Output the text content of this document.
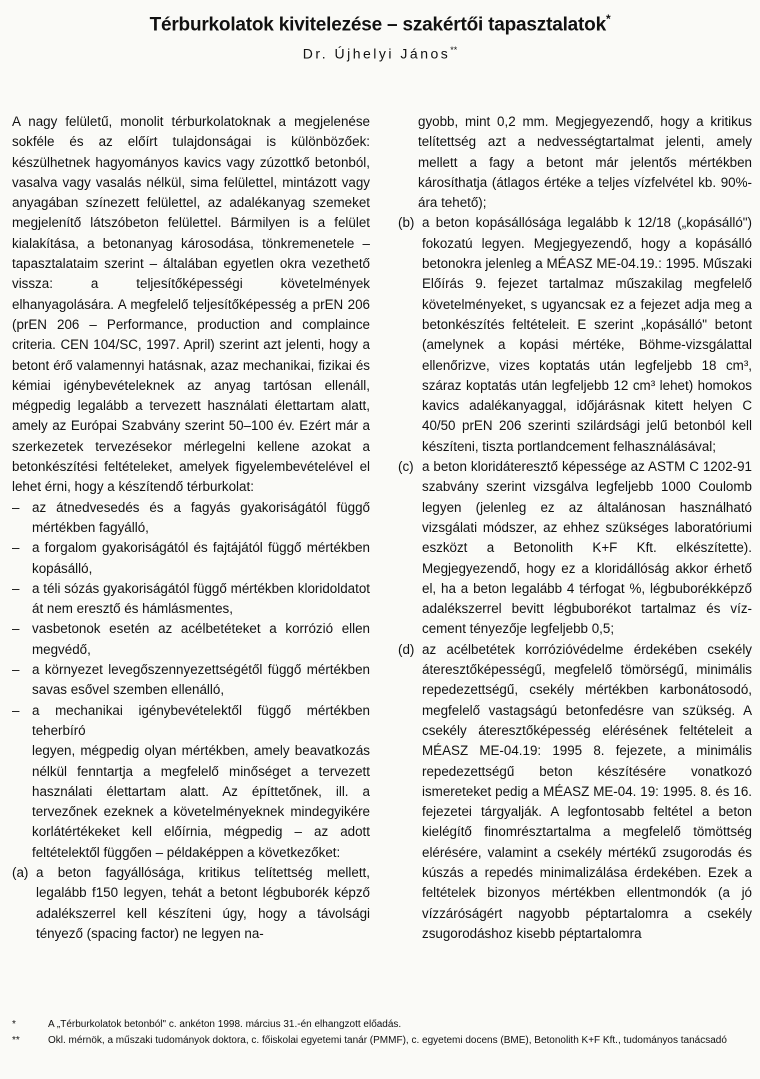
Térburkolatok kivitelezése – szakértői tapasztalatok*
Dr. Újhelyi János**

A nagy felületű, monolit térburkolatoknak a megjelenése sokféle és az előírt tulajdonságai is különbözőek: készülhetnek hagyományos kavics vagy zúzottkő betonból, vasalva vagy vasalás nélkül, sima felülettel, mintázott vagy anyagában színezett felülettel, az adalékanyag szemeket megjelenítő látszóbeton felülettel. Bármilyen is a felület kialakítása, a betonanyag károsodása, tönkremenetele – tapasztalataim szerint – általában egyetlen okra vezethető vissza: a teljesítőképességi követelmények elhanyagolására. A megfelelő teljesítőképesség a prEN 206 (prEN 206 – Performance, production and complaince criteria. CEN 104/SC, 1997. April) szerint azt jelenti, hogy a betont érő valamennyi hatásnak, azaz mechanikai, fizikai és kémiai igénybevételeknek az anyag tartósan ellenáll, mégpedig legalább a tervezett használati élettartam alatt, amely az Európai Szabvány szerint 50–100 év. Ezért már a szerkezetek tervezésekor mérlegelni kellene azokat a betonkészítési feltételeket, amelyek figyelembevételével el lehet érni, hogy a készítendő térburkolat:

– az átnedvesedés és a fagyás gyakoriságától függő mértékben fagyálló,

– a forgalom gyakoriságától és fajtájától függő mértékben kopásálló,

– a téli sózás gyakoriságától függő mértékben kloridoldatot át nem eresztő és hámlásmentes,

– vasbetonok esetén az acélbetéteket a korrózió ellen megvédő,

– a környezet levegőszennyezettségétől függő mértékben savas esővel szemben ellenálló,

– a mechanikai igénybevételektől függő mértékben teherbíró

legyen, mégpedig olyan mértékben, amely beavatkozás nélkül fenntartja a megfelelő minőséget a tervezett használati élettartam alatt. Az építtetőnek, ill. a tervezőnek ezeknek a követelményeknek mindegyikére korlátértékeket kell előírnia, mégpedig – az adott feltételektől függően – példaképpen a következőket:

(a) a beton fagyállósága, kritikus telítettség mellett, legalább f150 legyen, tehát a betont légbuborék képző adalékszerrel kell készíteni úgy, hogy a távolsági tényező (spacing factor) ne legyen na-

gyobb, mint 0,2 mm. Megjegyezendő, hogy a kritikus telítettség azt a nedvességtartalmat jelenti, amely mellett a fagy a betont már jelentős mértékben károsíthatja (átlagos értéke a teljes vízfelvétel kb. 90%-ára tehető);

(b) a beton kopásállósága legalább k 12/18 („kopásálló") fokozatú legyen. Megjegyezendő, hogy a kopásálló betonokra jelenleg a MÉASZ ME-04.19.: 1995. Műszaki Előírás 9. fejezet tartalmaz műszakilag megfelelő követelményeket, s ugyancsak ez a fejezet adja meg a betonkészítés feltételeit. E szerint „kopásálló" betont (amelynek a kopási mértéke, Böhme-vizsgálattal ellenőrizve, vizes koptatás után legfeljebb 18 cm³, száraz koptatás után legfeljebb 12 cm³ lehet) homokos kavics adalékanyaggal, időjárásnak kitett helyen C 40/50 prEN 206 szerinti szilárdsági jelű betonból kell készíteni, tiszta portlandcement felhasználásával;

(c) a beton kloridáteresztő képessége az ASTM C 1202-91 szabvány szerint vizsgálva legfeljebb 1000 Coulomb legyen (jelenleg ez az általánosan használható vizsgálati módszer, az ehhez szükséges laboratóriumi eszközt a Betonolith K+F Kft. elkészítette). Megjegyezendő, hogy ez a kloridállóság akkor érhető el, ha a beton legalább 4 térfogat %, légbuborékképző adalékszerrel bevitt légbuborékot tartalmaz és víz-cement tényezője legfeljebb 0,5;

(d) az acélbetétek korrózióvédelme érdekében csekély áteresztőképességű, megfelelő tömörségű, minimális repedezettségű, csekély mértékben karbonátosodó, megfelelő vastagságú betonfedésre van szükség. A csekély áteresztőképesség elérésének feltételeit a MÉASZ ME-04.19: 1995 8. fejezete, a minimális repedezettségű beton készítésére vonatkozó ismereteket pedig a MÉASZ ME-04. 19: 1995. 8. és 16. fejezetei tárgyalják. A legfontosabb feltétel a beton kielégítő finomrésztartalma a megfelelő tömöttség elérésére, valamint a csekély mértékű zsugorodás és kúszás a repedés minimalizálása érdekében. Ezek a feltételek bizonyos mértékben ellentmondók (a jó vízzáróságért nagyobb péptartalomra a csekély zsugorodáshoz kisebb péptartalomra

*	A „Térburkolatok betonból" c. ankéton 1998. március 31.-én elhangzott előadás.
**	Okl. mérnök, a műszaki tudományok doktora, c. főiskolai egyetemi tanár (PMMF), c. egyetemi docens (BME), Betonolith K+F Kft., tudományos tanácsadó
